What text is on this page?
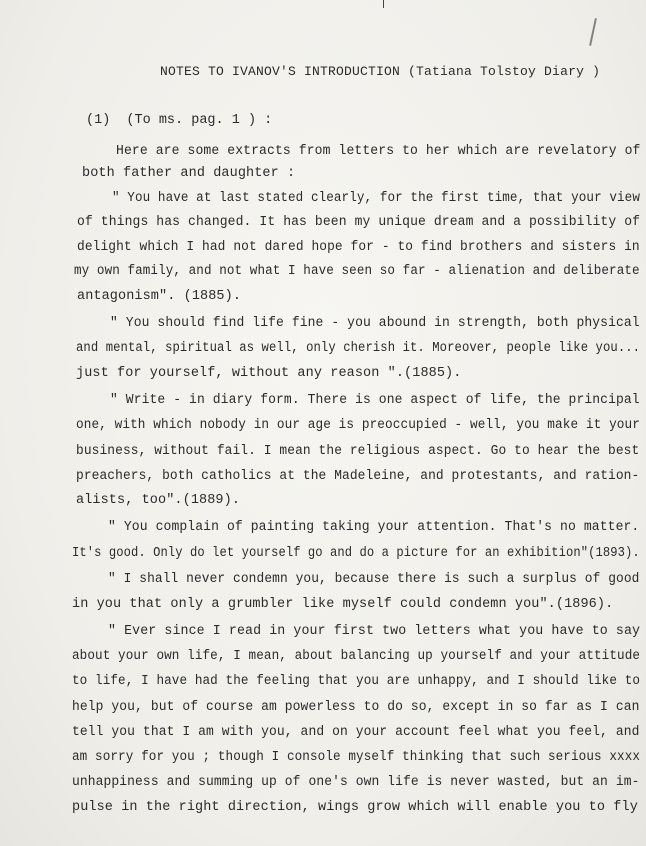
NOTES TO IVANOV'S INTRODUCTION (Tatiana Tolstoy Diary )
(1) (To ms. pag. 1 ) :
Here are some extracts from letters to her which are revelatory of
both father and daughter :
" You have at last stated clearly, for the first time, that your view
of things has changed. It has been my unique dream and a possibility of
delight which I had not dared hope for - to find brothers and sisters in
my own family, and not what I have seen so far - alienation and deliberate
antagonism". (1885).
" You should find life fine - you abound in strength, both physical
and mental, spiritual as well, only cherish it. Moreover, people like you...
just for yourself, without any reason ".(1885).
" Write - in diary form. There is one aspect of life, the principal
one, with which nobody in our age is preoccupied - well, you make it your
business, without fail. I mean the religious aspect. Go to hear the best
preachers, both catholics at the Madeleine, and protestants, and ration-
alists, too".(1889).
" You complain of painting taking your attention. That's no matter.
It's good. Only do let yourself go and do a picture for an exhibition"(1893).
" I shall never condemn you, because there is such a surplus of good
in you that only a grumbler like myself could condemn you".(1896).
" Ever since I read in your first two letters what you have to say
about your own life, I mean, about balancing up yourself and your attitude
to life, I have had the feeling that you are unhappy, and I should like to
help you, but of course am powerless to do so, except in so far as I can
tell you that I am with you, and on your account feel what you feel, and
am sorry for you ; though I console myself thinking that such serious xxxx
unhappiness and summing up of one's own life is never wasted, but an im-
pulse in the right direction, wings grow which will enable you to fly
